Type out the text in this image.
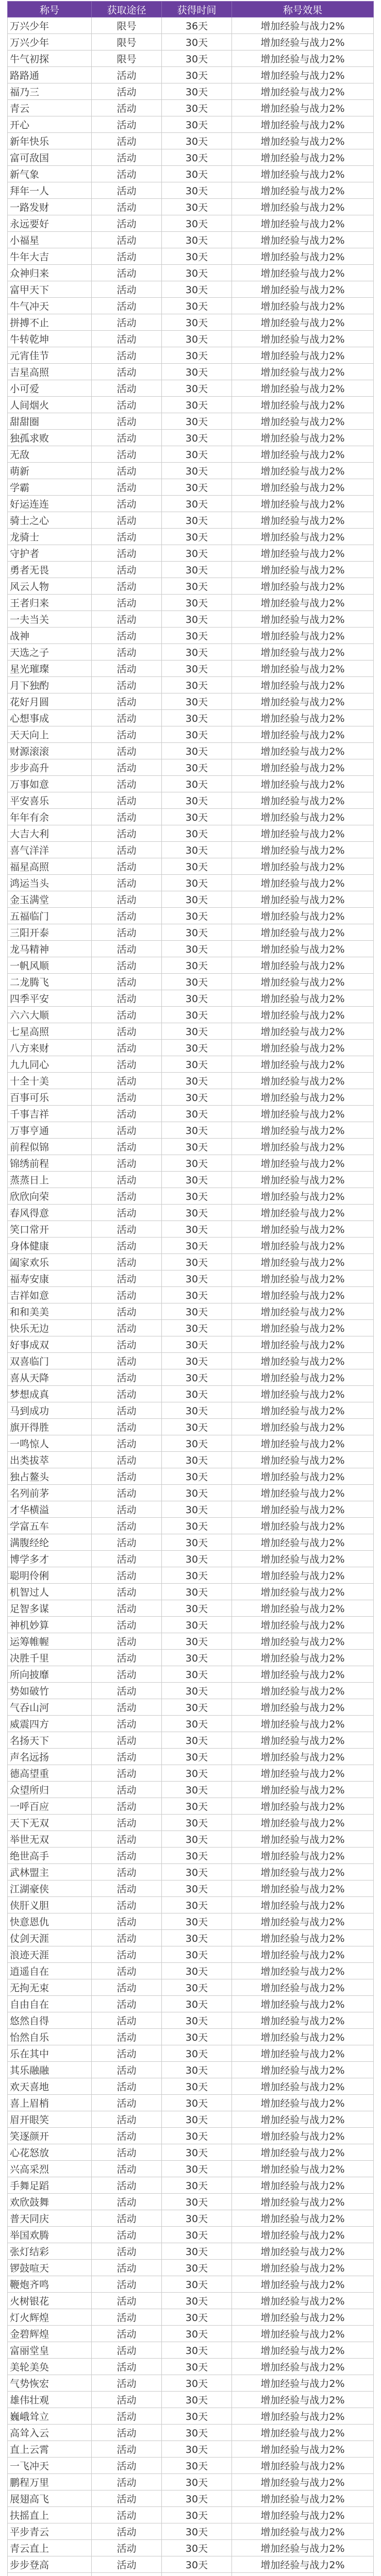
称号	获取途径	获得时间	称号效果
万兴少年	限号	36天	增加经验与战力2%
万兴少年	限号	30天	增加经验与战力2%
牛气初探	限号	30天	增加经验与战力2%
路路通	活动	30天	增加经验与战力2%
福乃三	活动	30天	增加经验与战力2%
青云	活动	30天	增加经验与战力2%
开心	活动	30天	增加经验与战力2%
新年快乐	活动	30天	增加经验与战力2%
富可敌国	活动	30天	增加经验与战力2%
新气象	活动	30天	增加经验与战力2%
拜年一人	活动	30天	增加经验与战力2%
一路发财	活动	30天	增加经验与战力2%
永远要好	活动	30天	增加经验与战力2%
小福星	活动	30天	增加经验与战力2%
牛年大吉	活动	30天	增加经验与战力2%
众神归来	活动	30天	增加经验与战力2%
富甲天下	活动	30天	增加经验与战力2%
牛气冲天	活动	30天	增加经验与战力2%
拼搏不止	活动	30天	增加经验与战力2%
牛转乾坤	活动	30天	增加经验与战力2%
元宵佳节	活动	30天	增加经验与战力2%
吉星高照	活动	30天	增加经验与战力2%
小可爱	活动	30天	增加经验与战力2%
人间烟火	活动	30天	增加经验与战力2%
甜甜圈	活动	30天	增加经验与战力2%
独孤求败	活动	30天	增加经验与战力2%
无敌	活动	30天	增加经验与战力2%
萌新	活动	30天	增加经验与战力2%
学霸	活动	30天	增加经验与战力2%
好运连连	活动	30天	增加经验与战力2%
骑士之心	活动	30天	增加经验与战力2%
龙骑士	活动	30天	增加经验与战力2%
守护者	活动	30天	增加经验与战力2%
勇者无畏	活动	30天	增加经验与战力2%
风云人物	活动	30天	增加经验与战力2%
王者归来	活动	30天	增加经验与战力2%
一夫当关	活动	30天	增加经验与战力2%
战神	活动	30天	增加经验与战力2%
天选之子	活动	30天	增加经验与战力2%
星光璀璨	活动	30天	增加经验与战力2%
月下独酌	活动	30天	增加经验与战力2%
花好月圆	活动	30天	增加经验与战力2%
心想事成	活动	30天	增加经验与战力2%
天天向上	活动	30天	增加经验与战力2%
财源滚滚	活动	30天	增加经验与战力2%
步步高升	活动	30天	增加经验与战力2%
万事如意	活动	30天	增加经验与战力2%
平安喜乐	活动	30天	增加经验与战力2%
年年有余	活动	30天	增加经验与战力2%
大吉大利	活动	30天	增加经验与战力2%
喜气洋洋	活动	30天	增加经验与战力2%
福星高照	活动	30天	增加经验与战力2%
鸿运当头	活动	30天	增加经验与战力2%
金玉满堂	活动	30天	增加经验与战力2%
五福临门	活动	30天	增加经验与战力2%
三阳开泰	活动	30天	增加经验与战力2%
龙马精神	活动	30天	增加经验与战力2%
一帆风顺	活动	30天	增加经验与战力2%
二龙腾飞	活动	30天	增加经验与战力2%
四季平安	活动	30天	增加经验与战力2%
六六大顺	活动	30天	增加经验与战力2%
七星高照	活动	30天	增加经验与战力2%
八方来财	活动	30天	增加经验与战力2%
九九同心	活动	30天	增加经验与战力2%
十全十美	活动	30天	增加经验与战力2%
百事可乐	活动	30天	增加经验与战力2%
千事吉祥	活动	30天	增加经验与战力2%
万事亨通	活动	30天	增加经验与战力2%
前程似锦	活动	30天	增加经验与战力2%
锦绣前程	活动	30天	增加经验与战力2%
蒸蒸日上	活动	30天	增加经验与战力2%
欣欣向荣	活动	30天	增加经验与战力2%
春风得意	活动	30天	增加经验与战力2%
笑口常开	活动	30天	增加经验与战力2%
身体健康	活动	30天	增加经验与战力2%
阖家欢乐	活动	30天	增加经验与战力2%
福寿安康	活动	30天	增加经验与战力2%
吉祥如意	活动	30天	增加经验与战力2%
和和美美	活动	30天	增加经验与战力2%
快乐无边	活动	30天	增加经验与战力2%
好事成双	活动	30天	增加经验与战力2%
双喜临门	活动	30天	增加经验与战力2%
喜从天降	活动	30天	增加经验与战力2%
梦想成真	活动	30天	增加经验与战力2%
马到成功	活动	30天	增加经验与战力2%
旗开得胜	活动	30天	增加经验与战力2%
一鸣惊人	活动	30天	增加经验与战力2%
出类拔萃	活动	30天	增加经验与战力2%
独占鳌头	活动	30天	增加经验与战力2%
名列前茅	活动	30天	增加经验与战力2%
才华横溢	活动	30天	增加经验与战力2%
学富五车	活动	30天	增加经验与战力2%
满腹经纶	活动	30天	增加经验与战力2%
博学多才	活动	30天	增加经验与战力2%
聪明伶俐	活动	30天	增加经验与战力2%
机智过人	活动	30天	增加经验与战力2%
足智多谋	活动	30天	增加经验与战力2%
神机妙算	活动	30天	增加经验与战力2%
运筹帷幄	活动	30天	增加经验与战力2%
决胜千里	活动	30天	增加经验与战力2%
所向披靡	活动	30天	增加经验与战力2%
势如破竹	活动	30天	增加经验与战力2%
气吞山河	活动	30天	增加经验与战力2%
威震四方	活动	30天	增加经验与战力2%
名扬天下	活动	30天	增加经验与战力2%
声名远扬	活动	30天	增加经验与战力2%
德高望重	活动	30天	增加经验与战力2%
众望所归	活动	30天	增加经验与战力2%
一呼百应	活动	30天	增加经验与战力2%
天下无双	活动	30天	增加经验与战力2%
举世无双	活动	30天	增加经验与战力2%
绝世高手	活动	30天	增加经验与战力2%
武林盟主	活动	30天	增加经验与战力2%
江湖豪侠	活动	30天	增加经验与战力2%
侠肝义胆	活动	30天	增加经验与战力2%
快意恩仇	活动	30天	增加经验与战力2%
仗剑天涯	活动	30天	增加经验与战力2%
浪迹天涯	活动	30天	增加经验与战力2%
逍遥自在	活动	30天	增加经验与战力2%
无拘无束	活动	30天	增加经验与战力2%
自由自在	活动	30天	增加经验与战力2%
悠然自得	活动	30天	增加经验与战力2%
怡然自乐	活动	30天	增加经验与战力2%
乐在其中	活动	30天	增加经验与战力2%
其乐融融	活动	30天	增加经验与战力2%
欢天喜地	活动	30天	增加经验与战力2%
喜上眉梢	活动	30天	增加经验与战力2%
眉开眼笑	活动	30天	增加经验与战力2%
笑逐颜开	活动	30天	增加经验与战力2%
心花怒放	活动	30天	增加经验与战力2%
兴高采烈	活动	30天	增加经验与战力2%
手舞足蹈	活动	30天	增加经验与战力2%
欢欣鼓舞	活动	30天	增加经验与战力2%
普天同庆	活动	30天	增加经验与战力2%
举国欢腾	活动	30天	增加经验与战力2%
张灯结彩	活动	30天	增加经验与战力2%
锣鼓喧天	活动	30天	增加经验与战力2%
鞭炮齐鸣	活动	30天	增加经验与战力2%
火树银花	活动	30天	增加经验与战力2%
灯火辉煌	活动	30天	增加经验与战力2%
金碧辉煌	活动	30天	增加经验与战力2%
富丽堂皇	活动	30天	增加经验与战力2%
美轮美奂	活动	30天	增加经验与战力2%
气势恢宏	活动	30天	增加经验与战力2%
雄伟壮观	活动	30天	增加经验与战力2%
巍峨耸立	活动	30天	增加经验与战力2%
高耸入云	活动	30天	增加经验与战力2%
直上云霄	活动	30天	增加经验与战力2%
一飞冲天	活动	30天	增加经验与战力2%
鹏程万里	活动	30天	增加经验与战力2%
展翅高飞	活动	30天	增加经验与战力2%
扶摇直上	活动	30天	增加经验与战力2%
平步青云	活动	30天	增加经验与战力2%
青云直上	活动	30天	增加经验与战力2%
步步登高	活动	30天	增加经验与战力2%
